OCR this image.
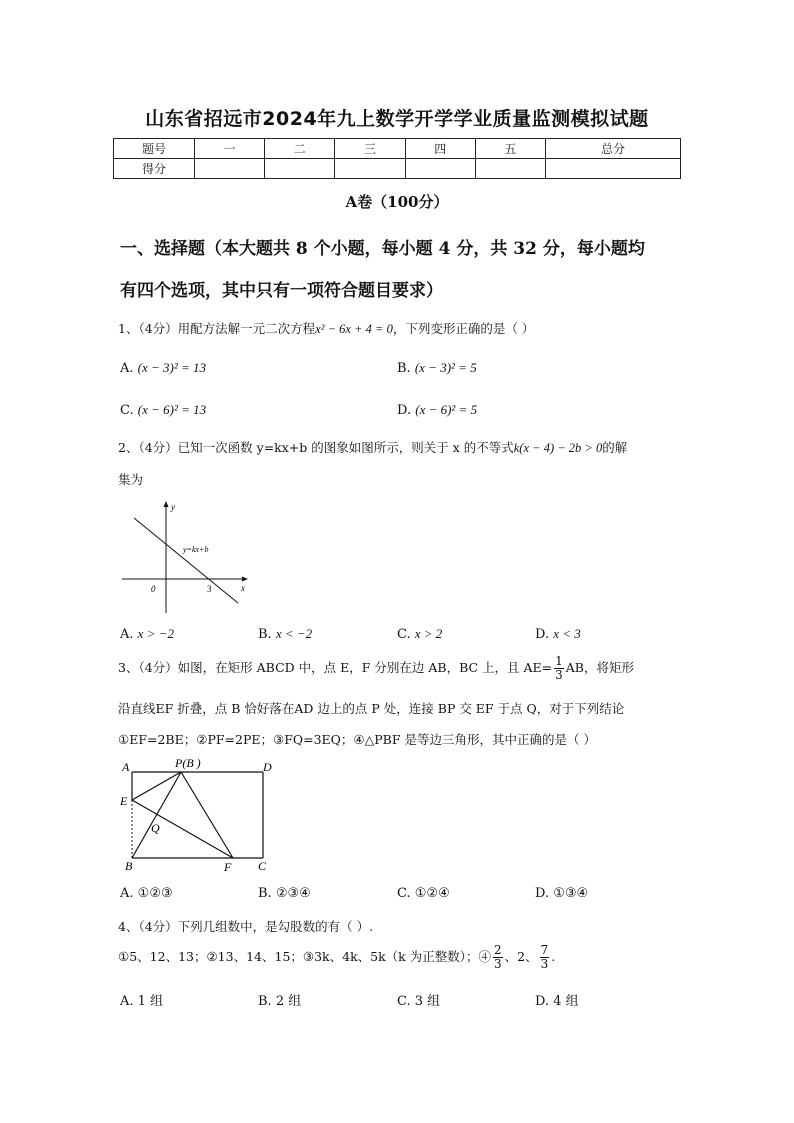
山东省招远市2024年九上数学开学学业质量监测模拟试题
题号	一	二	三	四	五	总分
得分						
A卷（100分）
一、选择题（本大题共 8 个小题，每小题 4 分，共 32 分，每小题均
有四个选项，其中只有一项符合题目要求）
1、（4分）用配方法解一元二次方程x² − 6x + 4 = 0，下列变形正确的是（ ）
A. (x − 3)² = 13	B. (x − 3)² = 5
C. (x − 6)² = 13	D. (x − 6)² = 5
2、（4分）已知一次函数 y=kx+b 的图象如图所示，则关于 x 的不等式k(x − 4) − 2b > 0的解
集为
y
x
0	3
y=kx+b
A. x > −2	B. x < −2	C. x > 2	D. x < 3
3、（4分）如图，在矩形 ABCD 中，点 E，F 分别在边 AB，BC 上，且 $AE= \frac{1}{3}$ AB，将矩形
沿直线EF 折叠，点 B 恰好落在AD 边上的点 P 处，连接 BP 交 EF 于点 Q，对于下列结论
①EF=2BE；②PF=2PE；③FQ=3EQ；④△PBF 是等边三角形，其中正确的是（ ）
A	P(B )	D
E
Q
B	F C
A. ①②③	B. ②③④	C. ①②④	D. ①③④
4、（4分）下列几组数中，是勾股数的有（ ）.
①5、12、13；②13、14、15；③3k、4k、5k（k 为正整数）；④ $\frac{2}{3}$ 、2、 $\frac{7}{3}$ .
A. 1 组	B. 2 组	C. 3 组	D. 4 组
